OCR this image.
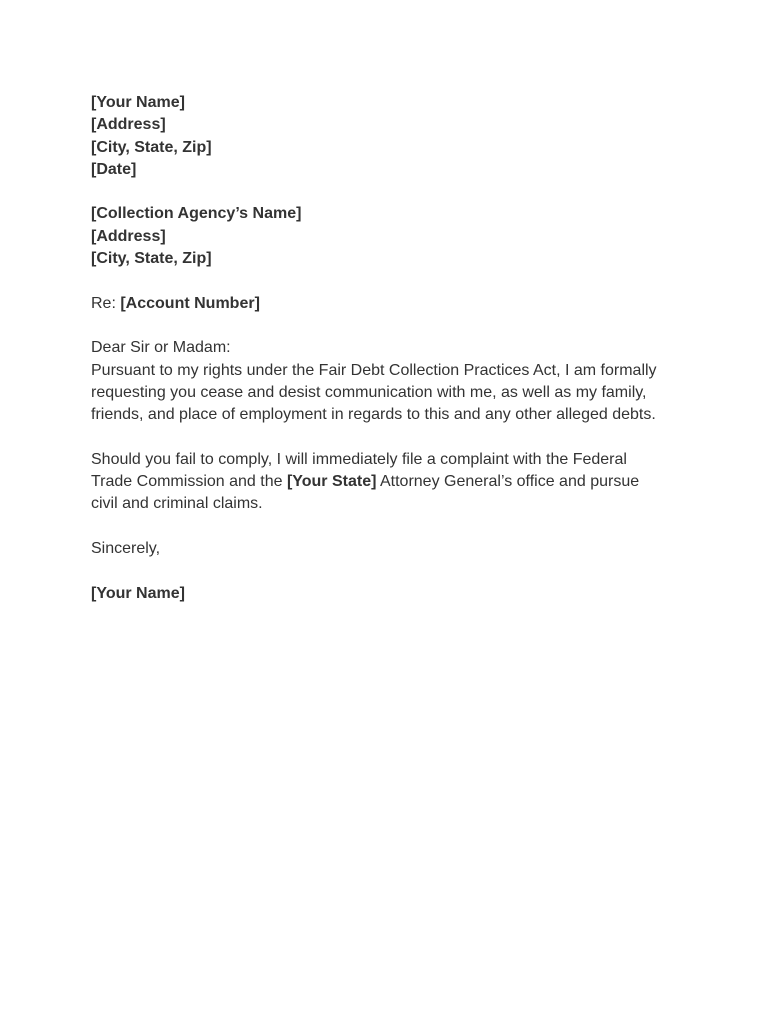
[Your Name]
[Address]
[City, State, Zip]
[Date]
[Collection Agency’s Name]
[Address]
[City, State, Zip]
Re: [Account Number]
Dear Sir or Madam:
Pursuant to my rights under the Fair Debt Collection Practices Act, I am formally
requesting you cease and desist communication with me, as well as my family,
friends, and place of employment in regards to this and any other alleged debts.
Should you fail to comply, I will immediately file a complaint with the Federal
Trade Commission and the [Your State] Attorney General’s office and pursue
civil and criminal claims.
Sincerely,
[Your Name]
